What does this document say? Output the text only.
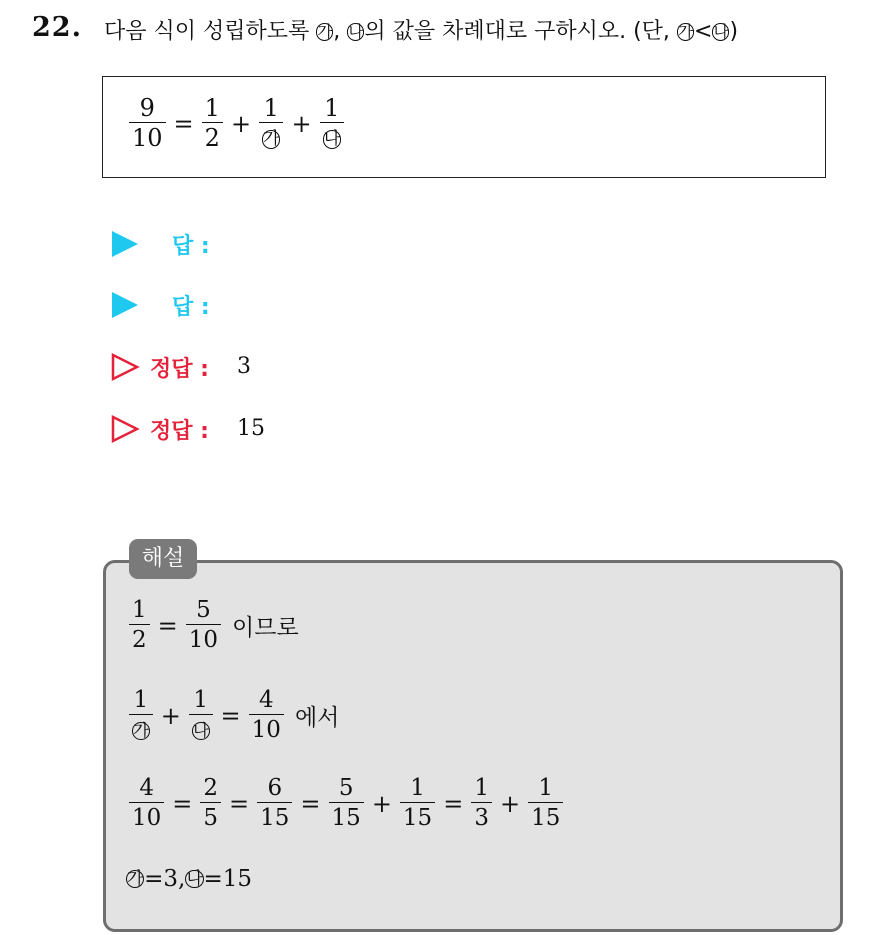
22. 다음 식이 성립하도록 가, 나의 값을 차례대로 구하시오. (단, 가<나)
$\frac{9}{10} = \frac{1}{2} + \frac{1}{\text{가}} + \frac{1}{\text{나}}$
답 :
답 :
정답 : 3
정답 : 15
해설
$\frac{1}{2} = \frac{5}{10}$ 이므로
$\frac{1}{\text{가}} + \frac{1}{\text{나}} = \frac{4}{10}$ 에서
$\frac{4}{10} = \frac{2}{5} = \frac{6}{15} = \frac{5}{15} + \frac{1}{15} = \frac{1}{3} + \frac{1}{15}$
가 =3, 나 =15
